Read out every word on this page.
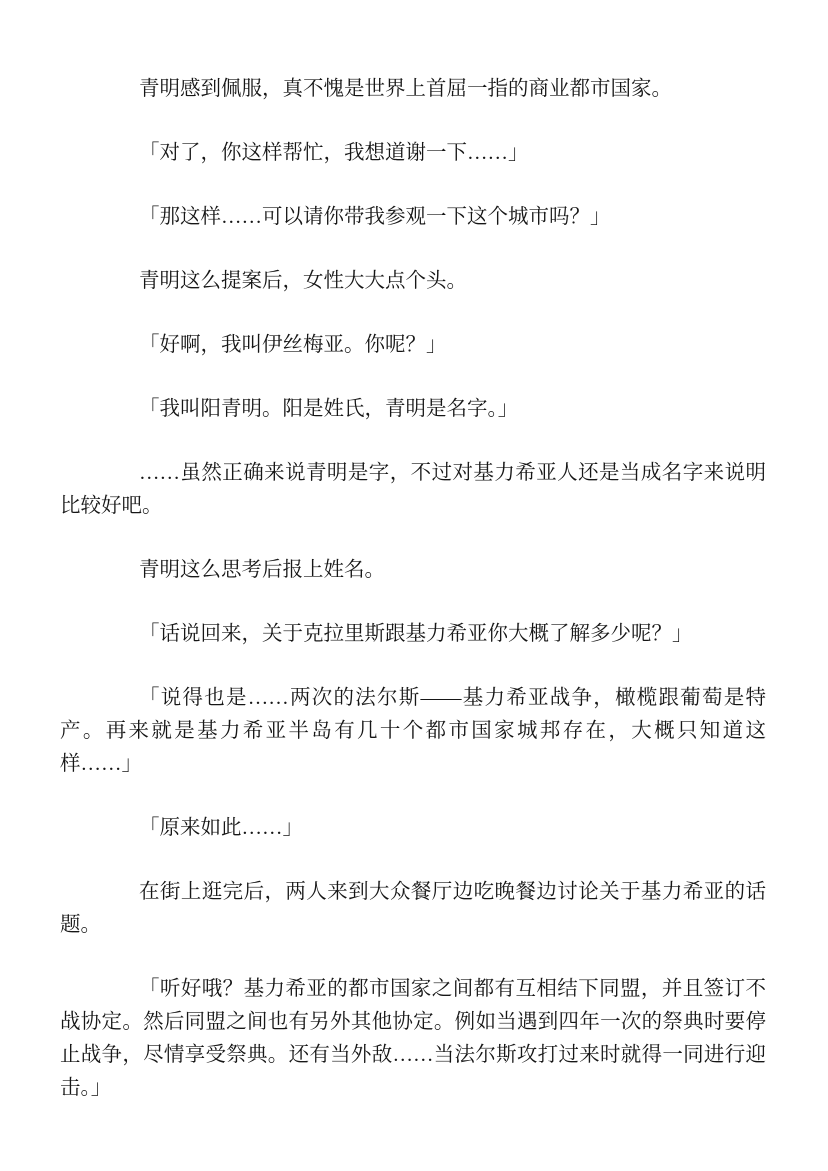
青明感到佩服，真不愧是世界上首屈一指的商业都市国家。

「对了，你这样帮忙，我想道谢一下……」

「那这样……可以请你带我参观一下这个城市吗？」

青明这么提案后，女性大大点个头。

「好啊，我叫伊丝梅亚。你呢？」

「我叫阳青明。阳是姓氏，青明是名字。」

……虽然正确来说青明是字，不过对基力希亚人还是当成名字来说明
比较好吧。

青明这么思考后报上姓名。

「话说回来，关于克拉里斯跟基力希亚你大概了解多少呢？」

「说得也是……两次的法尔斯——基力希亚战争，橄榄跟葡萄是特
产。再来就是基力希亚半岛有几十个都市国家城邦存在，大概只知道这
样……」

「原来如此……」

在街上逛完后，两人来到大众餐厅边吃晚餐边讨论关于基力希亚的话
题。

「听好哦？基力希亚的都市国家之间都有互相结下同盟，并且签订不
战协定。然后同盟之间也有另外其他协定。例如当遇到四年一次的祭典时要停
止战争，尽情享受祭典。还有当外敌……当法尔斯攻打过来时就得一同进行迎
击。」
